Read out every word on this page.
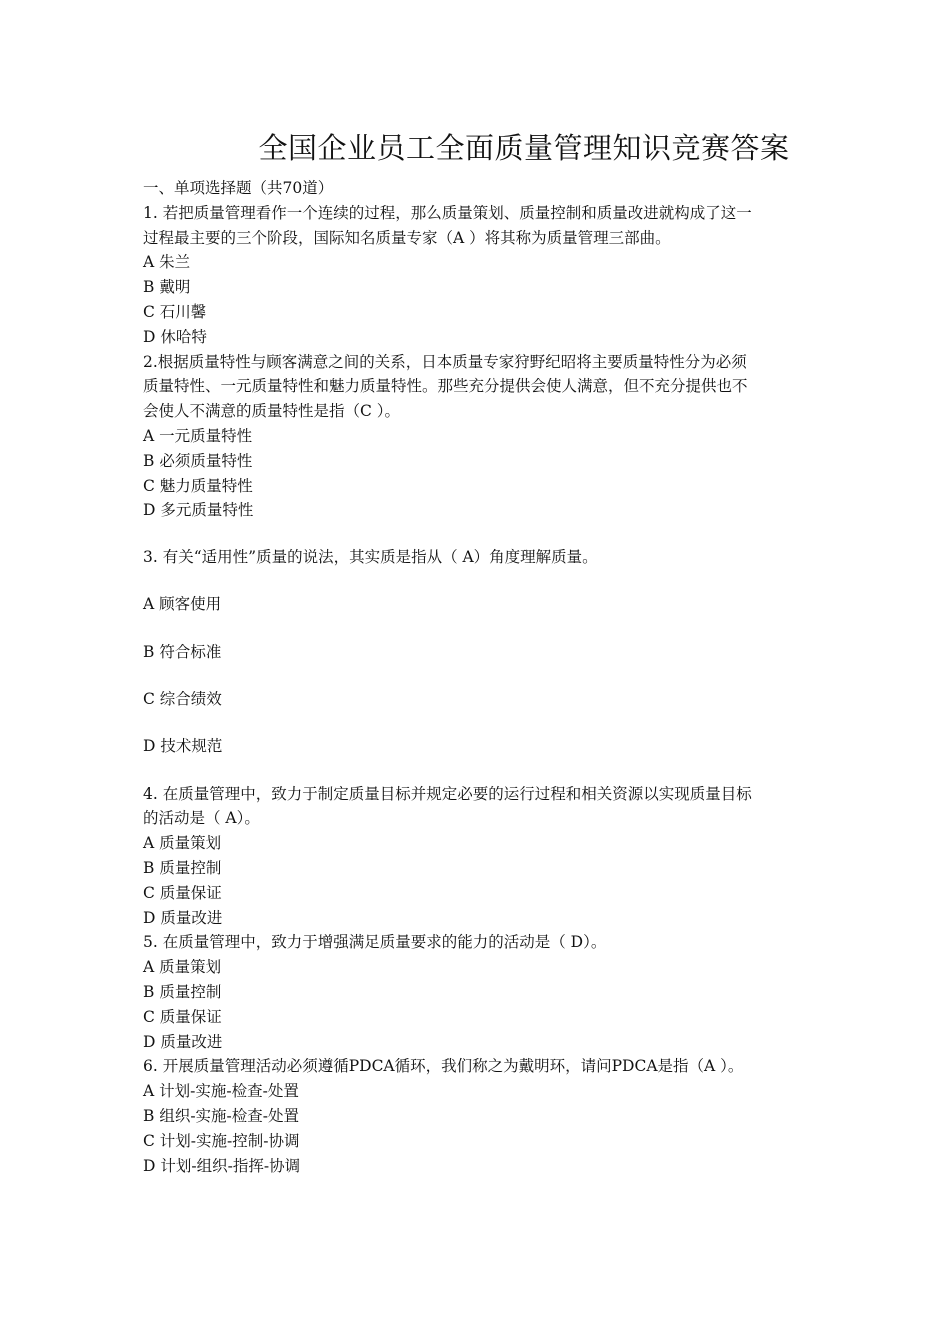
全国企业员工全面质量管理知识竞赛答案

一、单项选择题（共70道）

1. 若把质量管理看作一个连续的过程，那么质量策划、质量控制和质量改进就构成了这一

过程最主要的三个阶段，国际知名质量专家（A ）将其称为质量管理三部曲。

A 朱兰

B 戴明

C 石川馨

D 休哈特

2.根据质量特性与顾客满意之间的关系，日本质量专家狩野纪昭将主要质量特性分为必须

质量特性、一元质量特性和魅力质量特性。那些充分提供会使人满意，但不充分提供也不

会使人不满意的质量特性是指（C ）。

A 一元质量特性

B 必须质量特性

C 魅力质量特性

D 多元质量特性

3. 有关“适用性”质量的说法，其实质是指从（ A）角度理解质量。

A 顾客使用

B 符合标准

C 综合绩效

D 技术规范

4. 在质量管理中，致力于制定质量目标并规定必要的运行过程和相关资源以实现质量目标

的活动是（ A）。

A 质量策划

B 质量控制

C 质量保证

D 质量改进

5. 在质量管理中，致力于增强满足质量要求的能力的活动是（ D）。

A 质量策划

B 质量控制

C 质量保证

D 质量改进

6. 开展质量管理活动必须遵循PDCA循环，我们称之为戴明环，请问PDCA是指（A ）。

A 计划-实施-检查-处置

B 组织-实施-检查-处置

C 计划-实施-控制-协调

D 计划-组织-指挥-协调
